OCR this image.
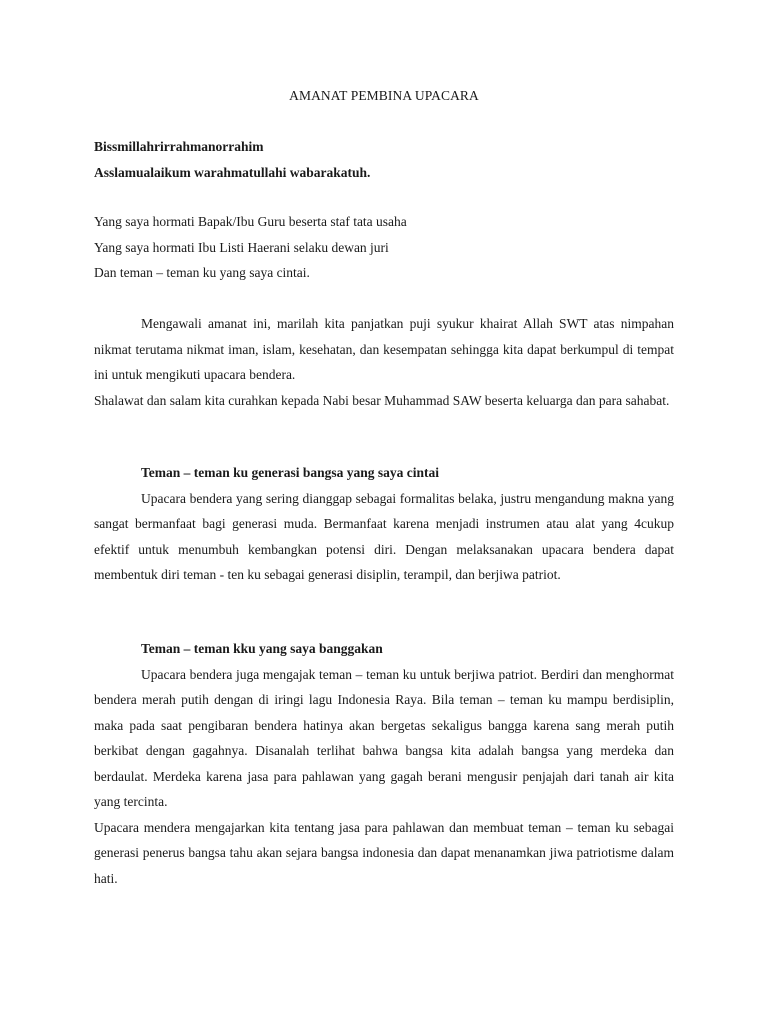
AMANAT PEMBINA UPACARA
Bissmillahrirrahmanorrahim
Asslamualaikum warahmatullahi wabarakatuh.
Yang saya hormati Bapak/Ibu Guru beserta staf tata usaha
Yang saya hormati Ibu Listi Haerani selaku dewan juri
Dan teman – teman ku yang saya cintai.

Mengawali amanat ini, marilah kita panjatkan puji syukur khairat Allah SWT atas nimpahan nikmat terutama nikmat iman, islam, kesehatan, dan kesempatan sehingga kita dapat berkumpul di tempat ini untuk mengikuti upacara bendera.

Shalawat dan salam kita curahkan kepada Nabi besar Muhammad SAW beserta keluarga dan para sahabat.

Teman – teman ku generasi bangsa yang saya cintai

Upacara bendera yang sering dianggap sebagai formalitas belaka, justru mengandung makna yang sangat bermanfaat bagi generasi muda. Bermanfaat karena menjadi instrumen atau alat yang 4cukup efektif untuk menumbuh kembangkan potensi diri. Dengan melaksanakan upacara bendera dapat membentuk diri teman - ten ku sebagai generasi disiplin, terampil, dan berjiwa patriot.

Teman – teman kku yang saya banggakan

Upacara bendera juga mengajak teman – teman ku untuk berjiwa patriot. Berdiri dan menghormat bendera merah putih dengan di iringi lagu Indonesia Raya. Bila teman – teman ku mampu berdisiplin, maka pada saat pengibaran bendera hatinya akan bergetas sekaligus bangga karena sang merah putih berkibat dengan gagahnya. Disanalah terlihat bahwa bangsa kita adalah bangsa yang merdeka dan berdaulat. Merdeka karena jasa para pahlawan yang gagah berani mengusir penjajah dari tanah air kita yang tercinta.

Upacara mendera mengajarkan kita tentang jasa para pahlawan dan membuat teman – teman ku sebagai generasi penerus bangsa tahu akan sejara bangsa indonesia dan dapat menanamkan jiwa patriotisme dalam hati.
